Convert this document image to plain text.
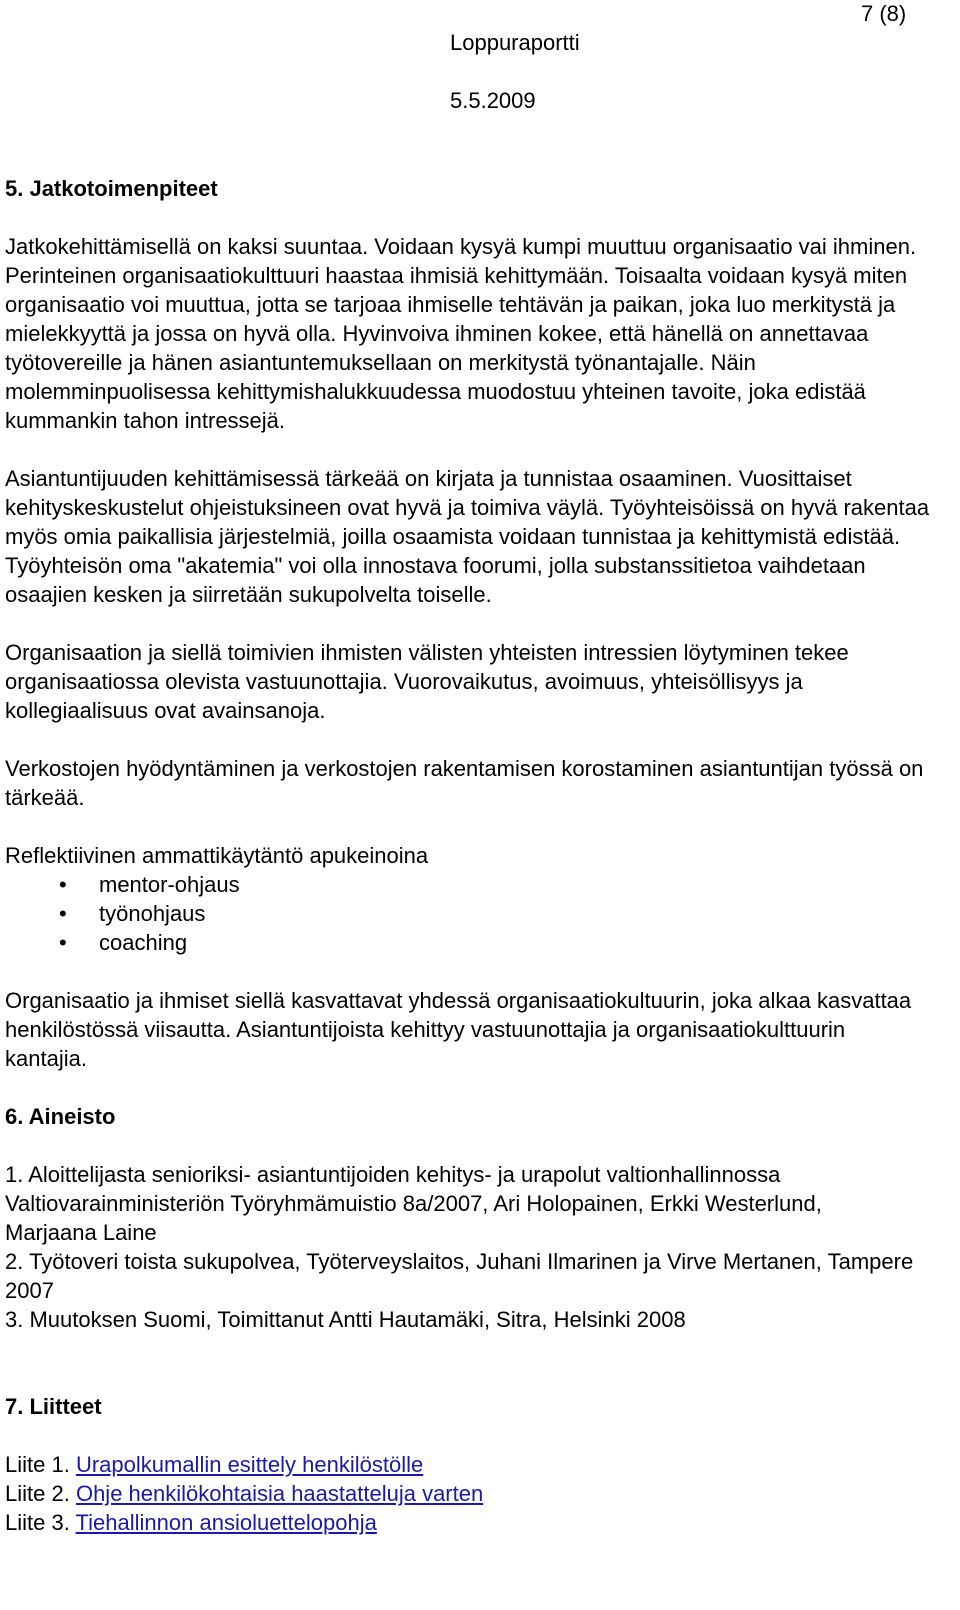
7 (8)
Loppuraportti
5.5.2009

5. Jatkotoimenpiteet

Jatkokehittämisellä on kaksi suuntaa. Voidaan kysyä kumpi muuttuu organisaatio vai ihminen. Perinteinen organisaatiokulttuuri haastaa ihmisiä kehittymään. Toisaalta voidaan kysyä miten organisaatio voi muuttua, jotta se tarjoaa ihmiselle tehtävän ja paikan, joka luo merkitystä ja mielekkyyttä ja jossa on hyvä olla. Hyvinvoiva ihminen kokee, että hänellä on annettavaa työtovereille ja hänen asiantuntemuksellaan on merkitystä työnantajalle. Näin molemminpuolisessa kehittymishalukkuudessa muodostuu yhteinen tavoite, joka edistää kummankin tahon intressejä.

Asiantuntijuuden kehittämisessä tärkeää on kirjata ja tunnistaa osaaminen. Vuosittaiset kehityskeskustelut ohjeistuksineen ovat hyvä ja toimiva väylä. Työyhteisöissä on hyvä rakentaa myös omia paikallisia järjestelmiä, joilla osaamista voidaan tunnistaa ja kehittymistä edistää. Työyhteisön oma "akatemia" voi olla innostava foorumi, jolla substanssitietoa vaihdetaan osaajien kesken ja siirretään sukupolvelta toiselle.

Organisaation ja siellä toimivien ihmisten välisten yhteisten intressien löytyminen tekee organisaatiossa olevista vastuunottajia. Vuorovaikutus, avoimuus, yhteisöllisyys ja kollegiaalisuus ovat avainsanoja.

Verkostojen hyödyntäminen ja verkostojen rakentamisen korostaminen asiantuntijan työssä on tärkeää.

Reflektiivinen ammattikäytäntö apukeinoina

• mentor-ohjaus
• työnohjaus
• coaching

Organisaatio ja ihmiset siellä kasvattavat yhdessä organisaatiokultuurin, joka alkaa kasvattaa henkilöstössä viisautta. Asiantuntijoista kehittyy vastuunottajia ja organisaatiokulttuurin kantajia.

6. Aineisto

1. Aloittelijasta senioriksi- asiantuntijoiden kehitys- ja urapolut valtionhallinnossa Valtiovarainministeriön Työryhmämuistio 8a/2007, Ari Holopainen, Erkki Westerlund, Marjaana Laine

2. Työtoveri toista sukupolvea, Työterveyslaitos, Juhani Ilmarinen ja Virve Mertanen, Tampere 2007

3. Muutoksen Suomi, Toimittanut Antti Hautamäki, Sitra, Helsinki 2008

7. Liitteet

Liite 1. Urapolkumallin esittely henkilöstölle
Liite 2. Ohje henkilökohtaisia haastatteluja varten
Liite 3. Tiehallinnon ansioluettelopohja
